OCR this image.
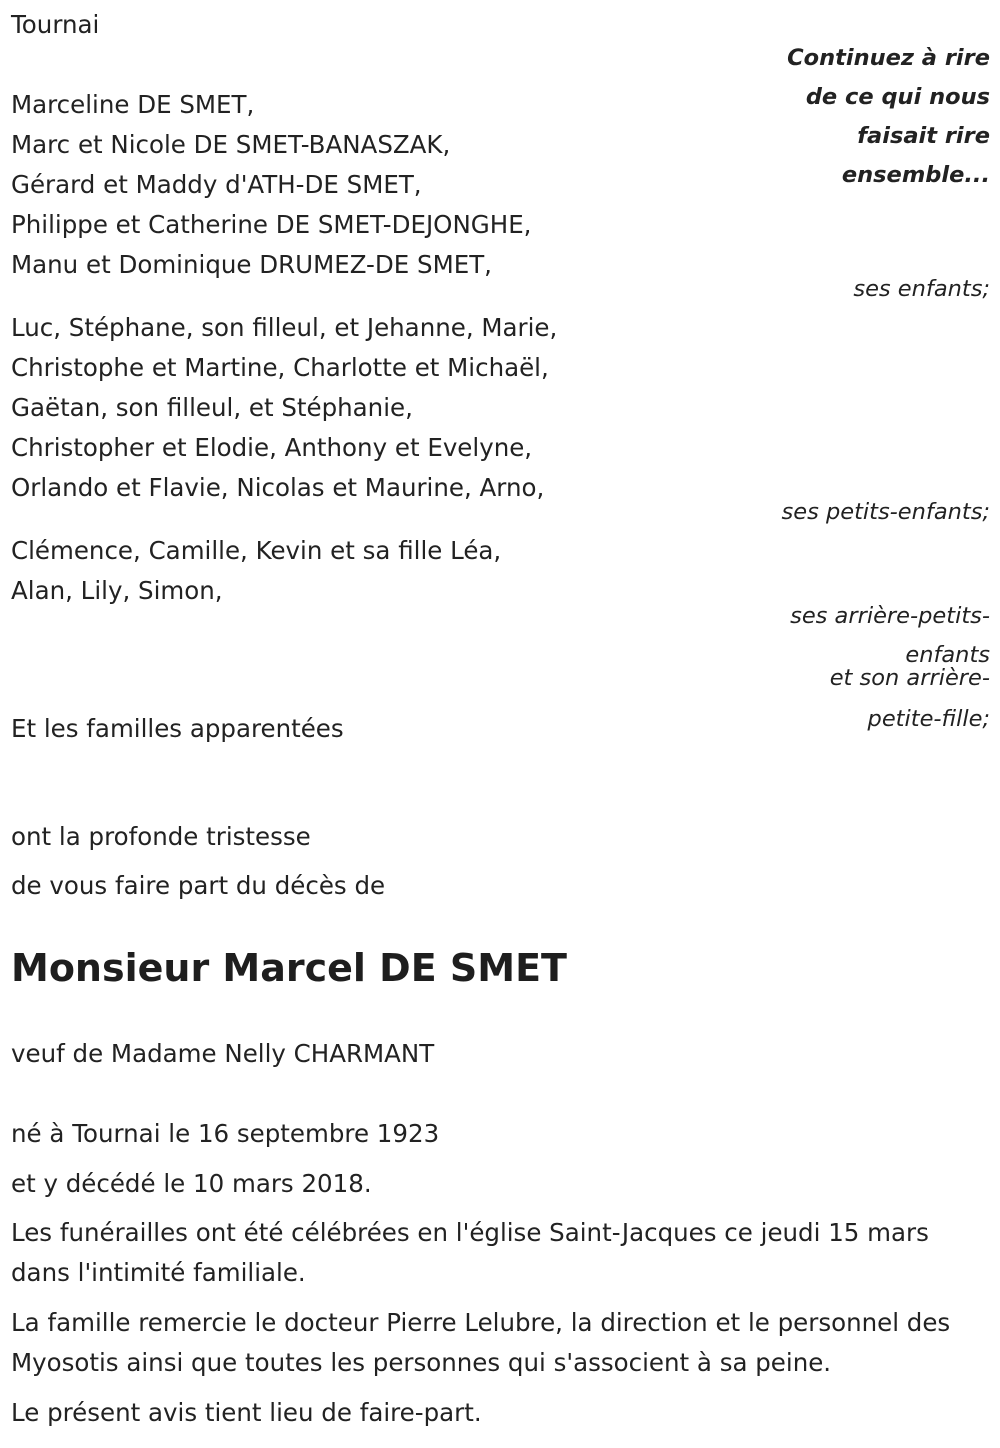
Tournai

Continuez à rire
de ce qui nous
faisait rire
ensemble...
Marceline DE SMET,
Marc et Nicole DE SMET-BANASZAK,
Gérard et Maddy d'ATH-DE SMET,
Philippe et Catherine DE SMET-DEJONGHE,
Manu et Dominique DRUMEZ-DE SMET,
ses enfants;
Luc, Stéphane, son filleul, et Jehanne, Marie,
Christophe et Martine, Charlotte et Michaël,
Gaëtan, son filleul, et Stéphanie,
Christopher et Elodie, Anthony et Evelyne,
Orlando et Flavie, Nicolas et Maurine, Arno,
ses petits-enfants;
Clémence, Camille, Kevin et sa fille Léa,
Alan, Lily, Simon,
ses arrière-petits-
enfants
et son arrière-
petite-fille;

Et les familles apparentées

ont la profonde tristesse

de vous faire part du décès de

Monsieur Marcel DE SMET

veuf de Madame Nelly CHARMANT

né à Tournai le 16 septembre 1923

et y décédé le 10 mars 2018.

Les funérailles ont été célébrées en l'église Saint-Jacques ce jeudi 15 mars dans l'intimité familiale.

La famille remercie le docteur Pierre Lelubre, la direction et le personnel des Myosotis ainsi que toutes les personnes qui s'associent à sa peine.

Le présent avis tient lieu de faire-part.
